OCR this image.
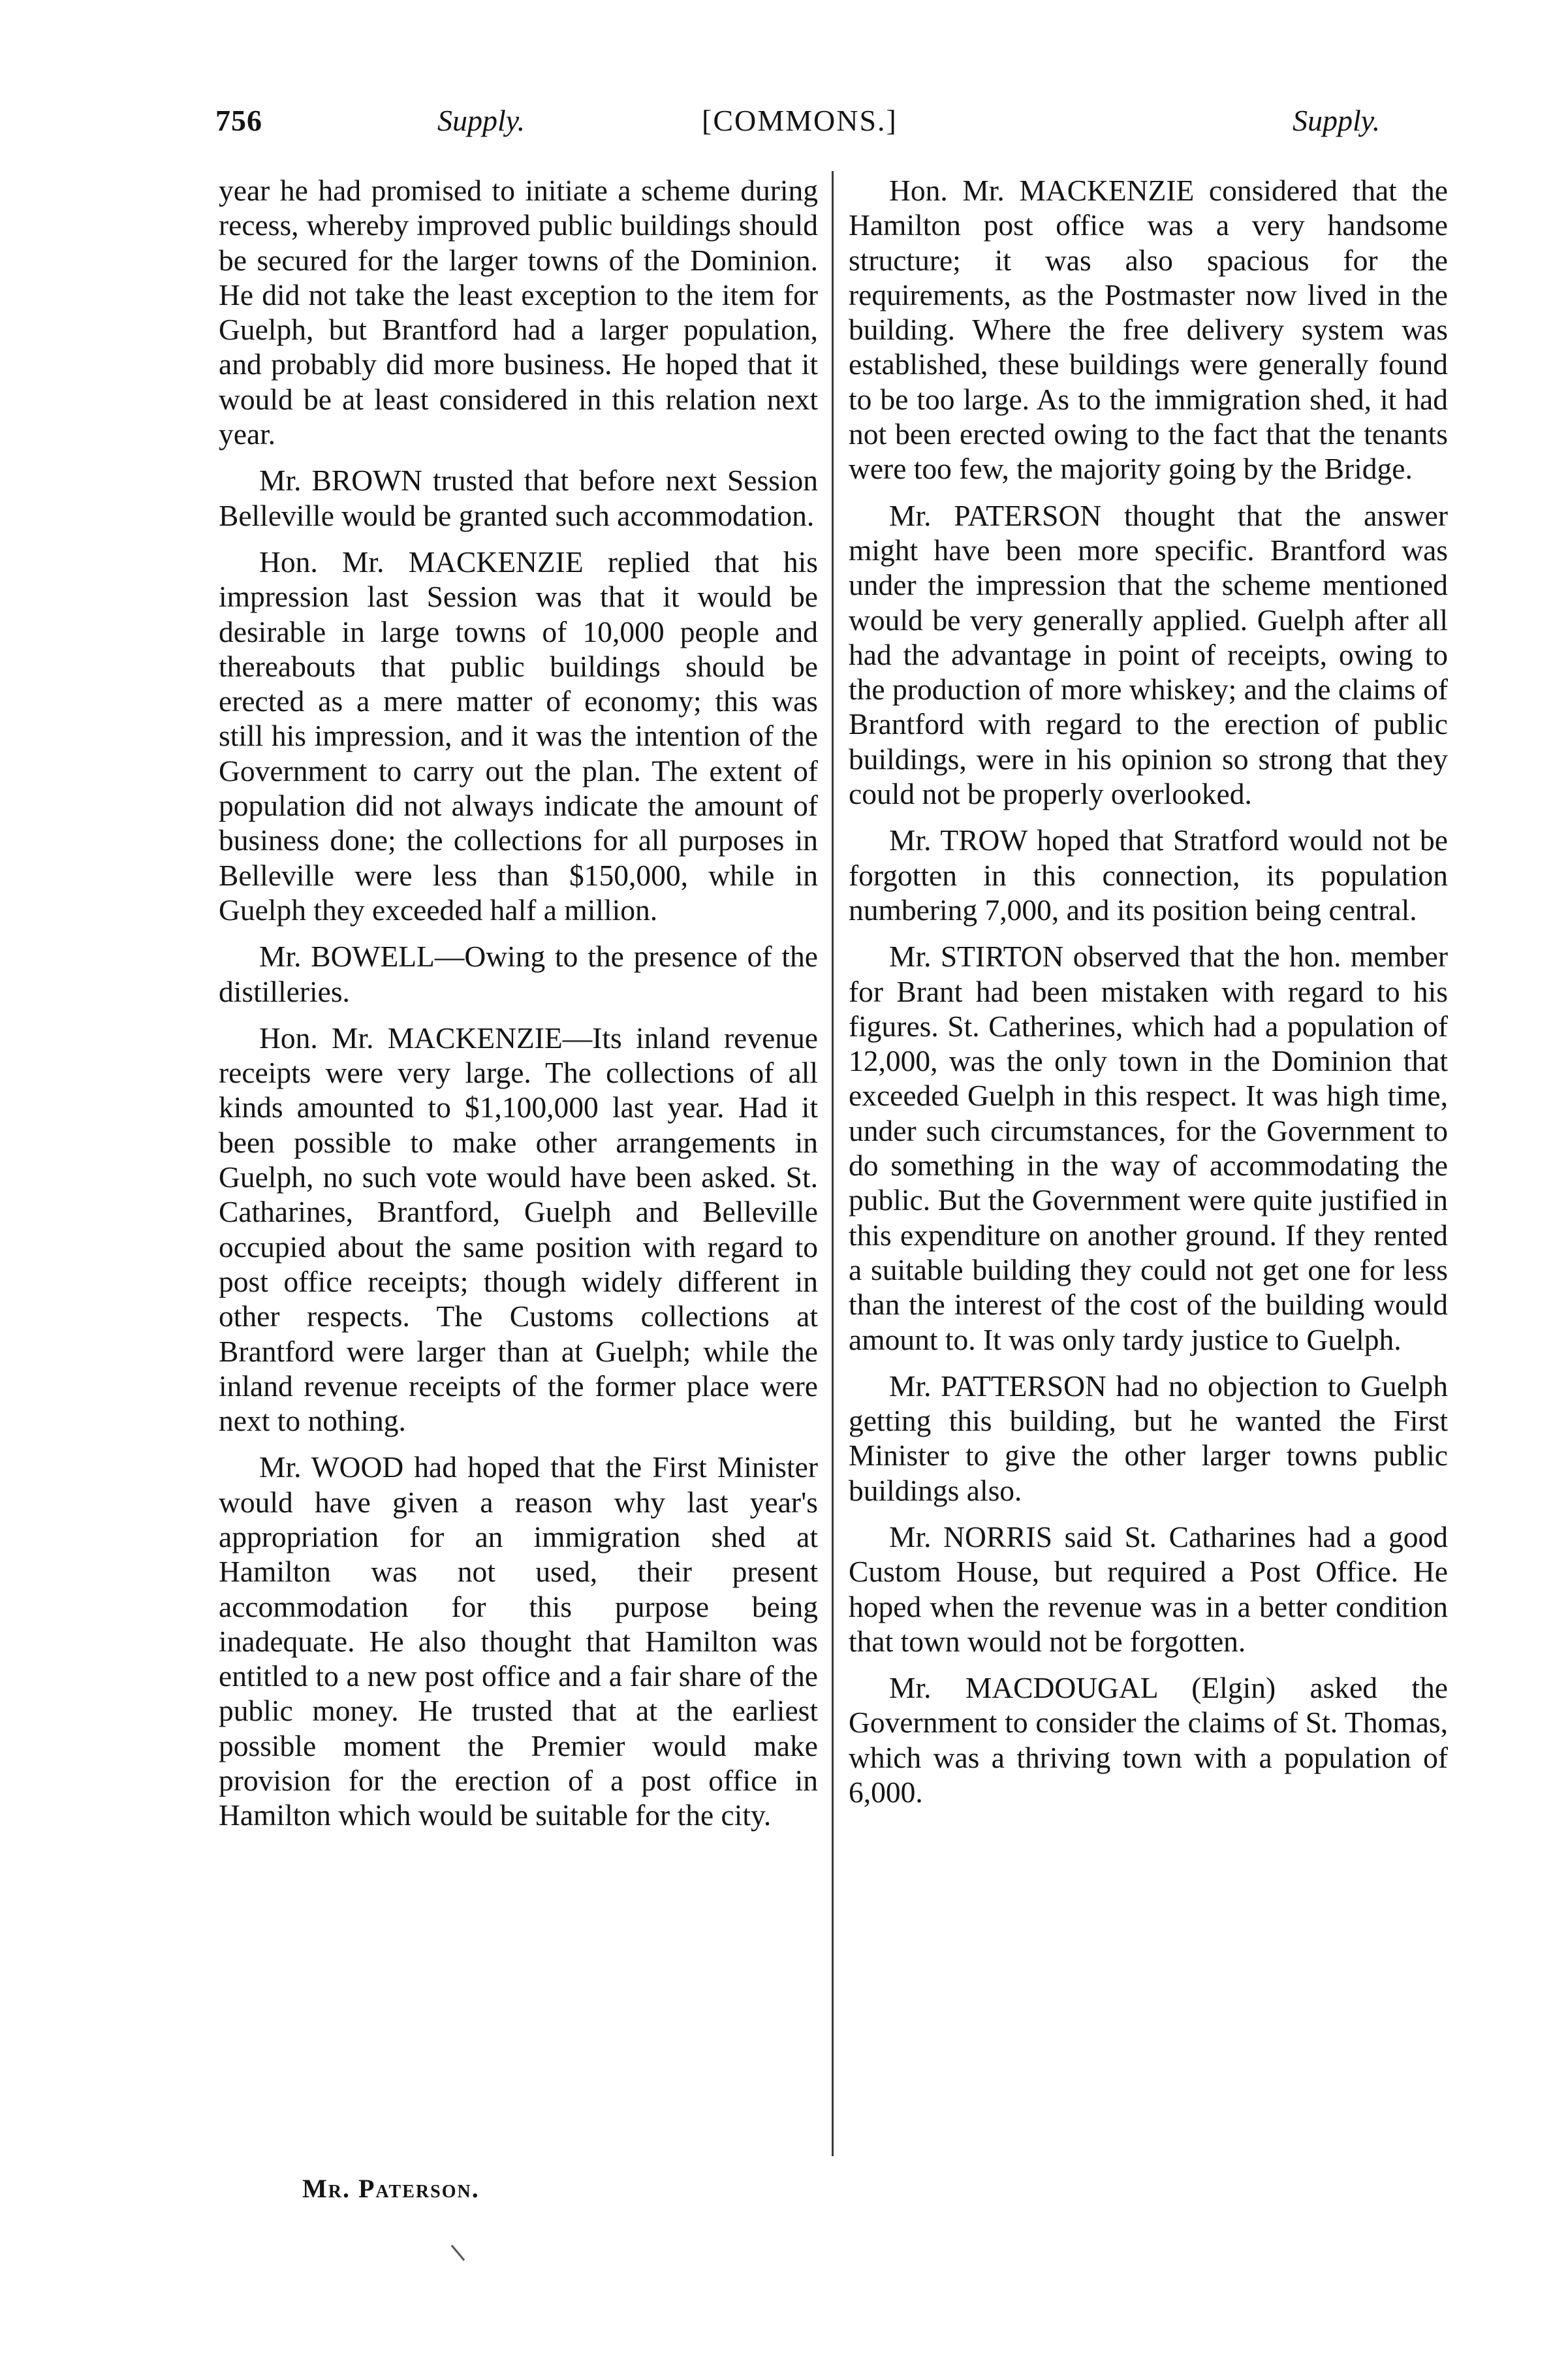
756	Supply.	[COMMONS.]	Supply.

year he had promised to initiate a scheme during recess, whereby improved public buildings should be secured for the larger towns of the Dominion. He did not take the least exception to the item for Guelph, but Brantford had a larger population, and probably did more business. He hoped that it would be at least considered in this relation next year.

Mr. BROWN trusted that before next Session Belleville would be granted such accommodation.

Hon. Mr. MACKENZIE replied that his impression last Session was that it would be desirable in large towns of 10,000 people and thereabouts that public buildings should be erected as a mere matter of economy; this was still his impression, and it was the intention of the Government to carry out the plan. The extent of population did not always indicate the amount of business done; the collections for all purposes in Belleville were less than $150,000, while in Guelph they exceeded half a million.

Mr. BOWELL—Owing to the presence of the distilleries.

Hon. Mr. MACKENZIE—Its inland revenue receipts were very large. The collections of all kinds amounted to $1,100,000 last year. Had it been possible to make other arrangements in Guelph, no such vote would have been asked. St. Catharines, Brantford, Guelph and Belleville occupied about the same position with regard to post office receipts; though widely different in other respects. The Customs collections at Brantford were larger than at Guelph; while the inland revenue receipts of the former place were next to nothing.

Mr. WOOD had hoped that the First Minister would have given a reason why last year's appropriation for an immigration shed at Hamilton was not used, their present accommodation for this purpose being inadequate. He also thought that Hamilton was entitled to a new post office and a fair share of the public money. He trusted that at the earliest possible moment the Premier would make provision for the erection of a post office in Hamilton which would be suitable for the city.

Hon. Mr. MACKENZIE considered that the Hamilton post office was a very handsome structure; it was also spacious for the requirements, as the Postmaster now lived in the building. Where the free delivery system was established, these buildings were generally found to be too large. As to the immigration shed, it had not been erected owing to the fact that the tenants were too few, the majority going by the Bridge.

Mr. PATERSON thought that the answer might have been more specific. Brantford was under the impression that the scheme mentioned would be very generally applied. Guelph after all had the advantage in point of receipts, owing to the production of more whiskey; and the claims of Brantford with regard to the erection of public buildings, were in his opinion so strong that they could not be properly overlooked.

Mr. TROW hoped that Stratford would not be forgotten in this connection, its population numbering 7,000, and its position being central.

Mr. STIRTON observed that the hon. member for Brant had been mistaken with regard to his figures. St. Catherines, which had a population of 12,000, was the only town in the Dominion that exceeded Guelph in this respect. It was high time, under such circumstances, for the Government to do something in the way of accommodating the public. But the Government were quite justified in this expenditure on another ground. If they rented a suitable building they could not get one for less than the interest of the cost of the building would amount to. It was only tardy justice to Guelph.

Mr. PATTERSON had no objection to Guelph getting this building, but he wanted the First Minister to give the other larger towns public buildings also.

Mr. NORRIS said St. Catharines had a good Custom House, but required a Post Office. He hoped when the revenue was in a better condition that town would not be forgotten.

Mr. MACDOUGAL (Elgin) asked the Government to consider the claims of St. Thomas, which was a thriving town with a population of 6,000.

Mr. Paterson.
